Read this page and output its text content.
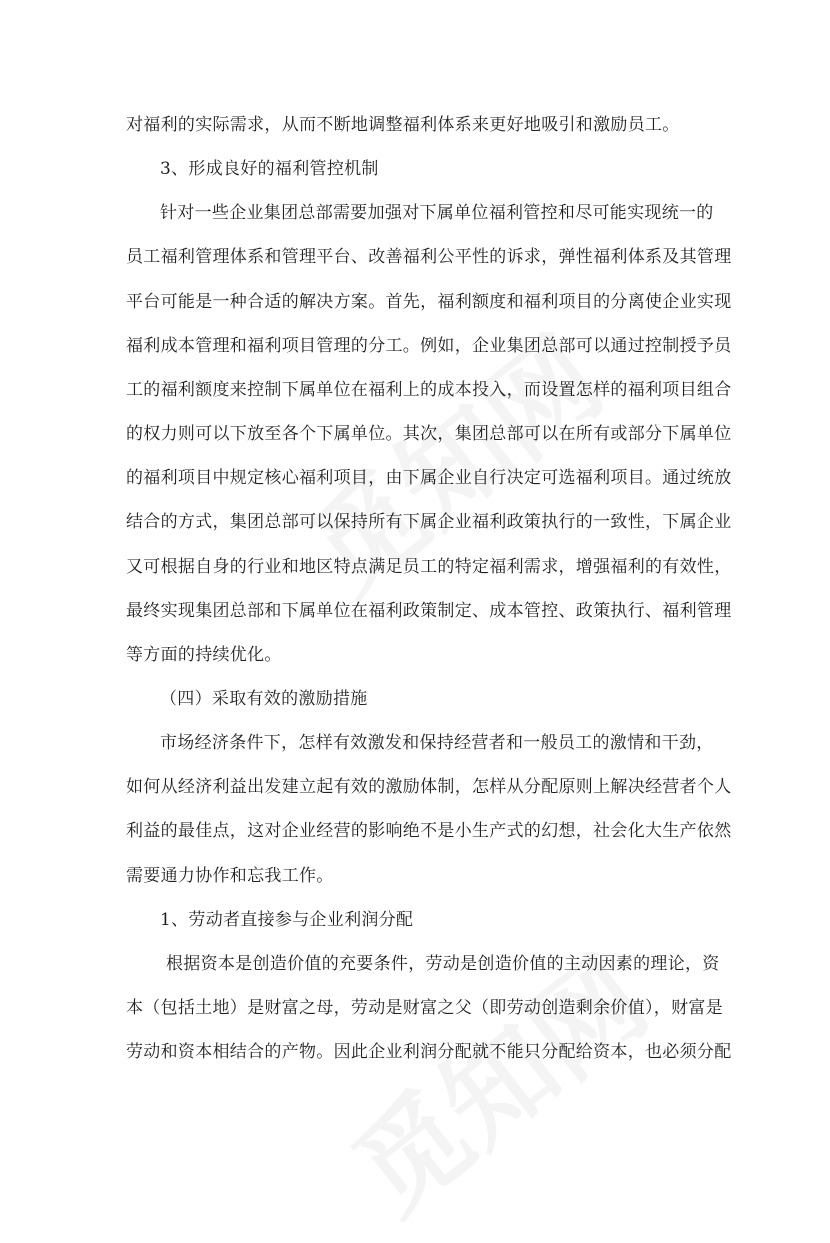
对福利的实际需求，从而不断地调整福利体系来更好地吸引和激励员工。
3、形成良好的福利管控机制
针对一些企业集团总部需要加强对下属单位福利管控和尽可能实现统一的
员工福利管理体系和管理平台、改善福利公平性的诉求，弹性福利体系及其管理
平台可能是一种合适的解决方案。首先，福利额度和福利项目的分离使企业实现
福利成本管理和福利项目管理的分工。例如，企业集团总部可以通过控制授予员
工的福利额度来控制下属单位在福利上的成本投入，而设置怎样的福利项目组合
的权力则可以下放至各个下属单位。其次，集团总部可以在所有或部分下属单位
的福利项目中规定核心福利项目，由下属企业自行决定可选福利项目。通过统放
结合的方式，集团总部可以保持所有下属企业福利政策执行的一致性，下属企业
又可根据自身的行业和地区特点满足员工的特定福利需求，增强福利的有效性，
最终实现集团总部和下属单位在福利政策制定、成本管控、政策执行、福利管理
等方面的持续优化。
（四）采取有效的激励措施
市场经济条件下，怎样有效激发和保持经营者和一般员工的激情和干劲，
如何从经济利益出发建立起有效的激励体制，怎样从分配原则上解决经营者个人
利益的最佳点，这对企业经营的影响绝不是小生产式的幻想，社会化大生产依然
需要通力协作和忘我工作。
1、劳动者直接参与企业利润分配
根据资本是创造价值的充要条件，劳动是创造价值的主动因素的理论，资
本（包括土地）是财富之母，劳动是财富之父（即劳动创造剩余价值），财富是
劳动和资本相结合的产物。因此企业利润分配就不能只分配给资本，也必须分配
